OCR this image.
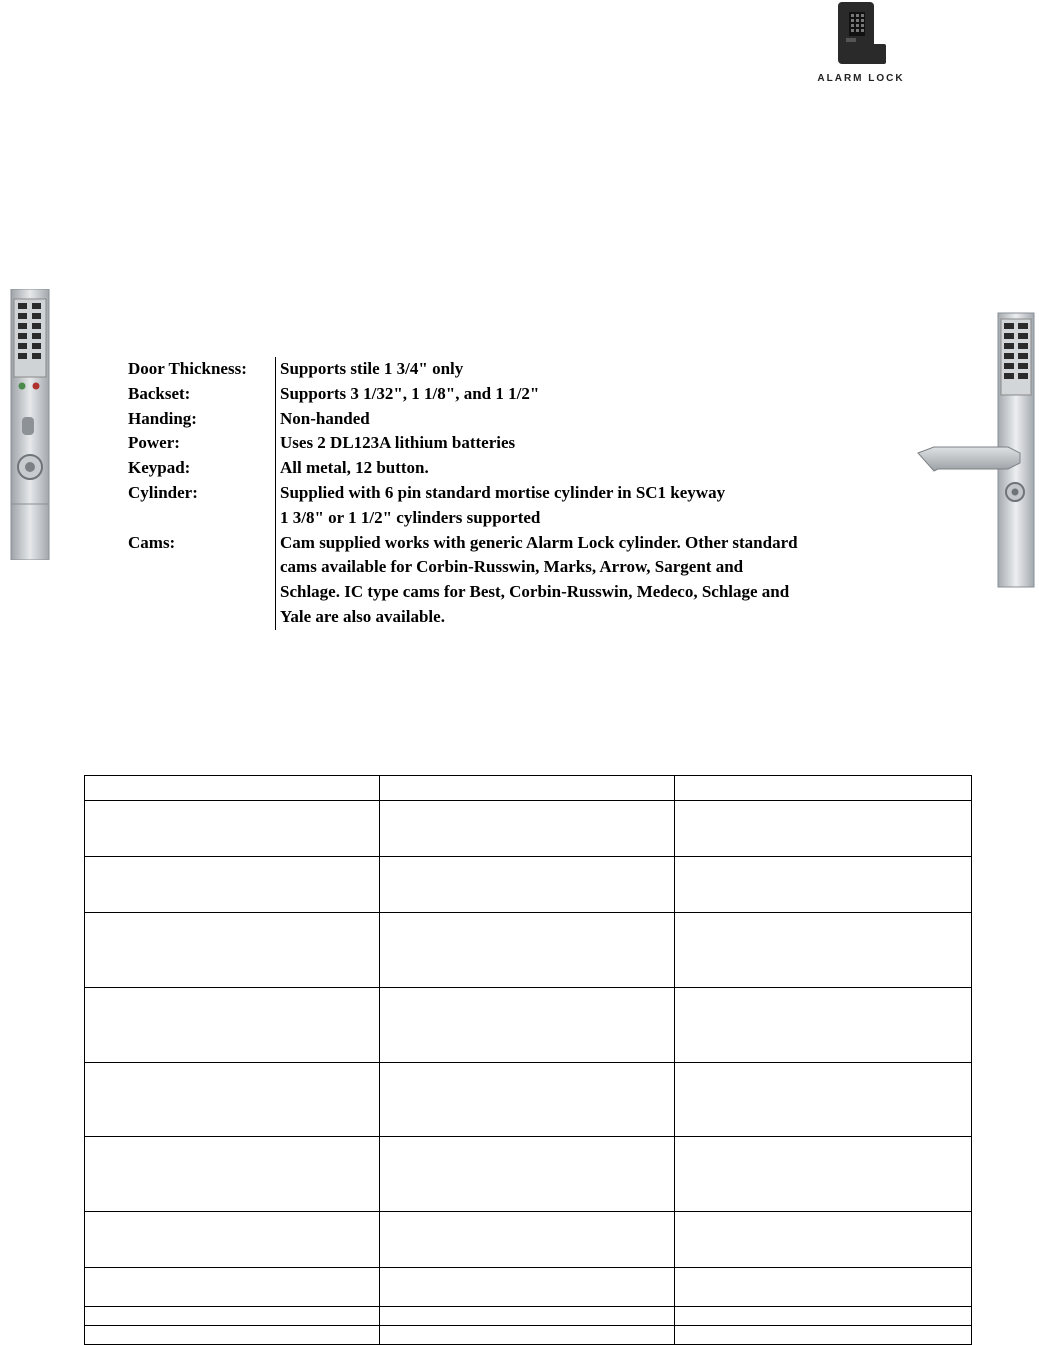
ALARM LOCK
Door Thickness:	Supports stile 1 3/4" only
Backset:	Supports 3 1/32", 1 1/8", and 1 1/2"
Handing:	Non-handed
Power:	Uses 2 DL123A lithium batteries
Keypad:	All metal, 12 button.
Cylinder:	Supplied with 6 pin standard mortise cylinder in SC1 keyway
1 3/8" or 1 1/2" cylinders supported
Cams:	Cam supplied works with generic Alarm Lock cylinder. Other standard
cams available for Corbin-Russwin, Marks, Arrow, Sargent and
Schlage. IC type cams for Best, Corbin-Russwin, Medeco, Schlage and
Yale are also available.
